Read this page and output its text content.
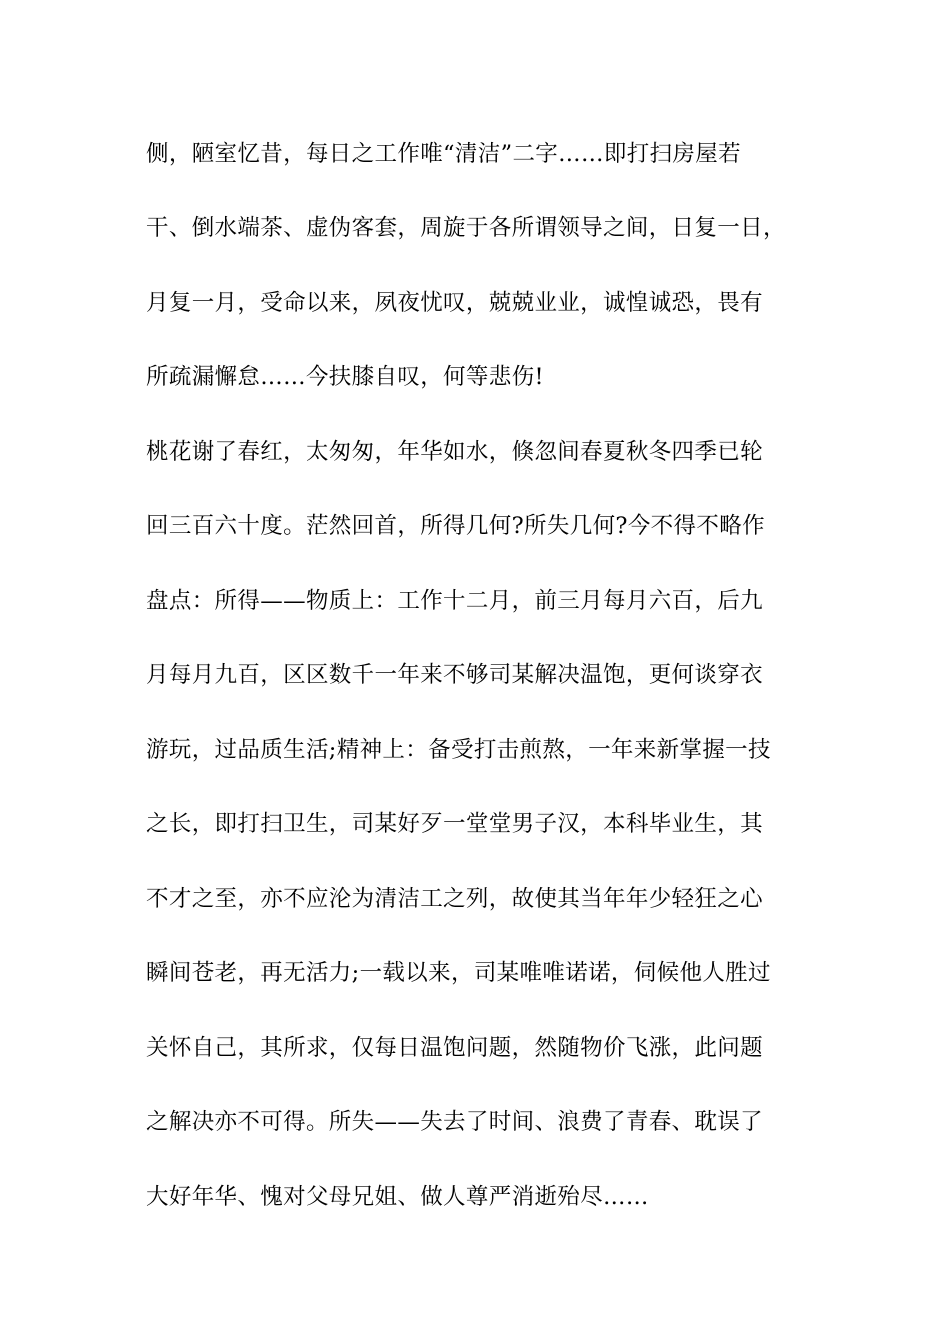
侧，陋室忆昔，每日之工作唯“清洁”二字……即打扫房屋若
干、倒水端茶、虚伪客套，周旋于各所谓领导之间，日复一日，
月复一月，受命以来，夙夜忧叹，兢兢业业，诚惶诚恐，畏有
所疏漏懈怠……今扶膝自叹，何等悲伤!
桃花谢了春红，太匆匆，年华如水，倏忽间春夏秋冬四季已轮
回三百六十度。茫然回首，所得几何?所失几何?今不得不略作
盘点：所得——物质上：工作十二月，前三月每月六百，后九
月每月九百，区区数千一年来不够司某解决温饱，更何谈穿衣
游玩，过品质生活;精神上：备受打击煎熬，一年来新掌握一技
之长，即打扫卫生，司某好歹一堂堂男子汉，本科毕业生，其
不才之至，亦不应沦为清洁工之列，故使其当年年少轻狂之心
瞬间苍老，再无活力;一载以来，司某唯唯诺诺，伺候他人胜过
关怀自己，其所求，仅每日温饱问题，然随物价飞涨，此问题
之解决亦不可得。所失——失去了时间、浪费了青春、耽误了
大好年华、愧对父母兄姐、做人尊严消逝殆尽……
